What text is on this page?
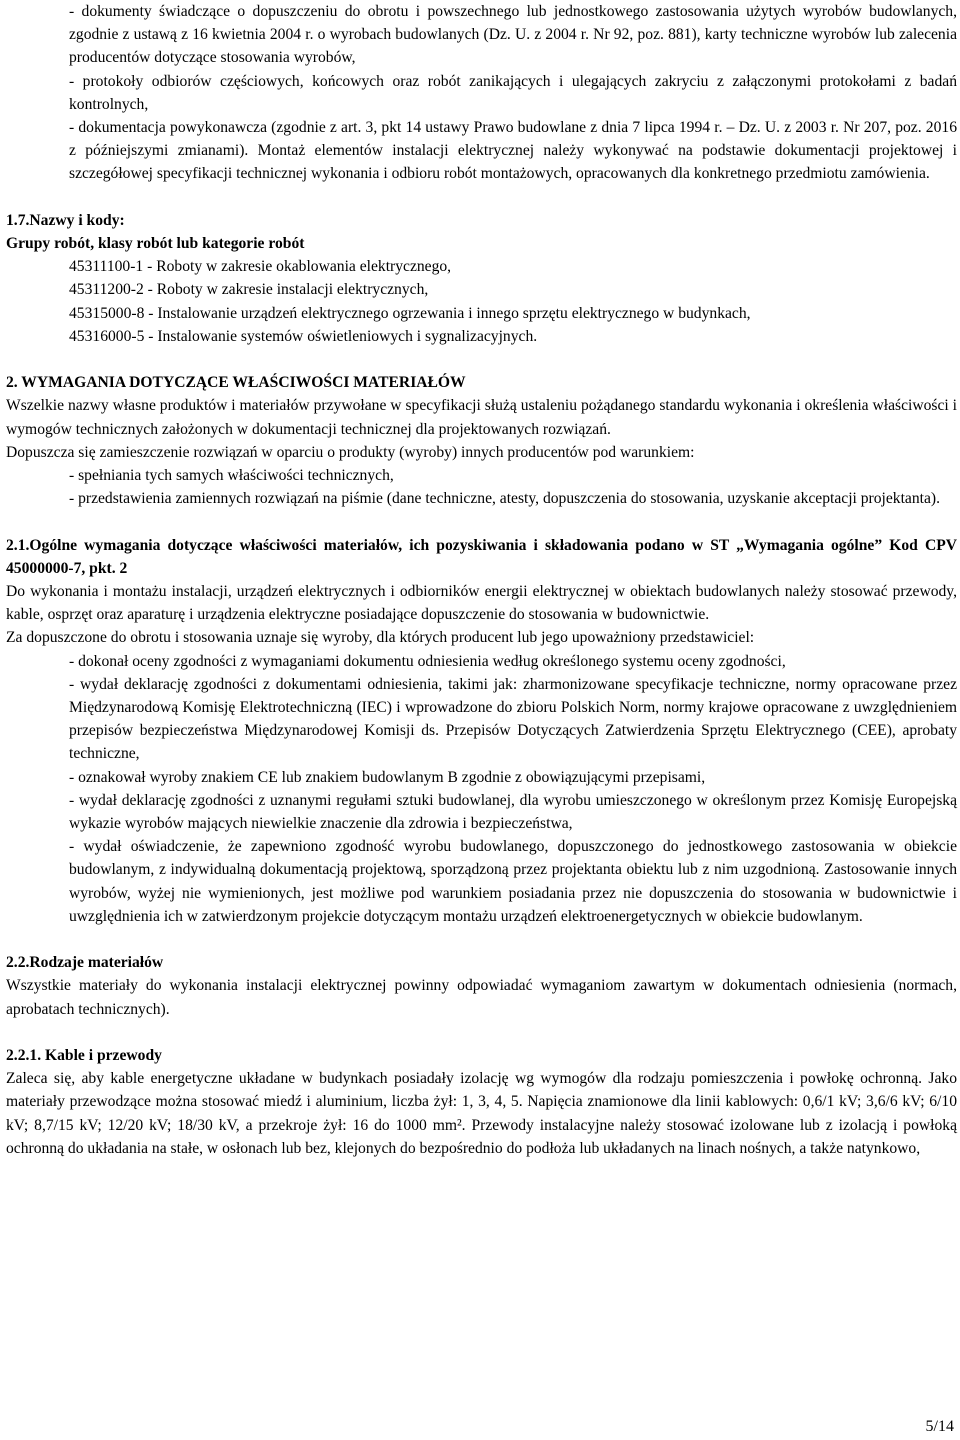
- dokumenty świadczące o dopuszczeniu do obrotu i powszechnego lub jednostkowego zastosowania użytych wyrobów budowlanych, zgodnie z ustawą z 16 kwietnia 2004 r. o wyrobach budowlanych (Dz. U. z 2004 r. Nr 92, poz. 881), karty techniczne wyrobów lub zalecenia producentów dotyczące stosowania wyrobów,

- protokoły odbiorów częściowych, końcowych oraz robót zanikających i ulegających zakryciu z załączonymi protokołami z badań kontrolnych,

- dokumentacja powykonawcza (zgodnie z art. 3, pkt 14 ustawy Prawo budowlane z dnia 7 lipca 1994 r. – Dz. U. z 2003 r. Nr 207, poz. 2016 z późniejszymi zmianami). Montaż elementów instalacji elektrycznej należy wykonywać na podstawie dokumentacji projektowej i szczegółowej specyfikacji technicznej wykonania i odbioru robót montażowych, opracowanych dla konkretnego przedmiotu zamówienia.

1.7.Nazwy i kody:

Grupy robót, klasy robót lub kategorie robót

45311100-1 - Roboty w zakresie okablowania elektrycznego,

45311200-2 - Roboty w zakresie instalacji elektrycznych,

45315000-8 - Instalowanie urządzeń elektrycznego ogrzewania i innego sprzętu elektrycznego w budynkach,

45316000-5 - Instalowanie systemów oświetleniowych i sygnalizacyjnych.

2. WYMAGANIA DOTYCZĄCE WŁAŚCIWOŚCI MATERIAŁÓW

Wszelkie nazwy własne produktów i materiałów przywołane w specyfikacji służą ustaleniu pożądanego standardu wykonania i określenia właściwości i wymogów technicznych założonych w dokumentacji technicznej dla projektowanych rozwiązań.

Dopuszcza się zamieszczenie rozwiązań w oparciu o produkty (wyroby) innych producentów pod warunkiem:

- spełniania tych samych właściwości technicznych,

- przedstawienia zamiennych rozwiązań na piśmie (dane techniczne, atesty, dopuszczenia do stosowania, uzyskanie akceptacji projektanta).

2.1.Ogólne wymagania dotyczące właściwości materiałów, ich pozyskiwania i składowania podano w ST „Wymagania ogólne” Kod CPV 45000000-7, pkt. 2

Do wykonania i montażu instalacji, urządzeń elektrycznych i odbiorników energii elektrycznej w obiektach budowlanych należy stosować przewody, kable, osprzęt oraz aparaturę i urządzenia elektryczne posiadające dopuszczenie do stosowania w budownictwie.

Za dopuszczone do obrotu i stosowania uznaje się wyroby, dla których producent lub jego upoważniony przedstawiciel:

- dokonał oceny zgodności z wymaganiami dokumentu odniesienia według określonego systemu oceny zgodności,

- wydał deklarację zgodności z dokumentami odniesienia, takimi jak: zharmonizowane specyfikacje techniczne, normy opracowane przez Międzynarodową Komisję Elektrotechniczną (IEC) i wprowadzone do zbioru Polskich Norm, normy krajowe opracowane z uwzględnieniem przepisów bezpieczeństwa Międzynarodowej Komisji ds. Przepisów Dotyczących Zatwierdzenia Sprzętu Elektrycznego (CEE), aprobaty techniczne,

- oznakował wyroby znakiem CE lub znakiem budowlanym B zgodnie z obowiązującymi przepisami,

- wydał deklarację zgodności z uznanymi regułami sztuki budowlanej, dla wyrobu umieszczonego w określonym przez Komisję Europejską wykazie wyrobów mających niewielkie znaczenie dla zdrowia i bezpieczeństwa,

- wydał oświadczenie, że zapewniono zgodność wyrobu budowlanego, dopuszczonego do jednostkowego zastosowania w obiekcie budowlanym, z indywidualną dokumentacją projektową, sporządzoną przez projektanta obiektu lub z nim uzgodnioną. Zastosowanie innych wyrobów, wyżej nie wymienionych, jest możliwe pod warunkiem posiadania przez nie dopuszczenia do stosowania w budownictwie i uwzględnienia ich w zatwierdzonym projekcie dotyczącym montażu urządzeń elektroenergetycznych w obiekcie budowlanym.

2.2.Rodzaje materiałów

Wszystkie materiały do wykonania instalacji elektrycznej powinny odpowiadać wymaganiom zawartym w dokumentach odniesienia (normach, aprobatach technicznych).

2.2.1. Kable i przewody

Zaleca się, aby kable energetyczne układane w budynkach posiadały izolację wg wymogów dla rodzaju pomieszczenia i powłokę ochronną. Jako materiały przewodzące można stosować miedź i aluminium, liczba żył: 1, 3, 4, 5. Napięcia znamionowe dla linii kablowych: 0,6/1 kV; 3,6/6 kV; 6/10 kV; 8,7/15 kV; 12/20 kV; 18/30 kV, a przekroje żył: 16 do 1000 mm². Przewody instalacyjne należy stosować izolowane lub z izolacją i powłoką ochronną do układania na stałe, w osłonach lub bez, klejonych do bezpośrednio do podłoża lub układanych na linach nośnych, a także natynkowo,

5/14
